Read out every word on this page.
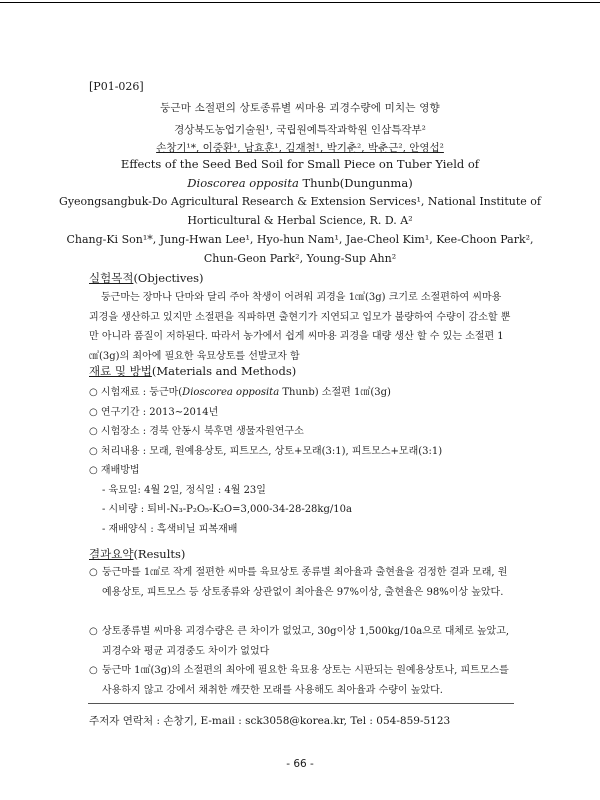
[P01-026]
둥근마 소절편의 상토종류별 씨마용 괴경수량에 미치는 영향
경상북도농업기술원¹, 국립원예특작과학원 인삼특작부²
손창기¹*, 이중환¹, 남효훈¹, 김재철¹, 박기춘², 박춘근², 안영섭²
Effects of the Seed Bed Soil for Small Piece on Tuber Yield of
Dioscorea opposita Thunb(Dungunma)
Gyeongsangbuk-Do Agricultural Research & Extension Services¹, National Institute of
Horticultural & Herbal Science, R. D. A²
Chang-Ki Son¹*, Jung-Hwan Lee¹, Hyo-hun Nam¹, Jae-Cheol Kim¹, Kee-Choon Park²,
Chun-Geon Park², Young-Sup Ahn²
실험목적(Objectives)

둥근마는 장마나 단마와 달리 주아 착생이 어려워 괴경을 1㎤(3g) 크기로 소절편하여 씨마용 괴경을 생산하고 있지만 소절편을 직파하면 출현기가 지연되고 입모가 불량하여 수량이 감소할 뿐만 아니라 품질이 저하된다. 따라서 농가에서 쉽게 씨마용 괴경을 대량 생산 할 수 있는 소절편 1㎤(3g)의 최아에 필요한 육묘상토를 선발코자 함

재료 및 방법(Materials and Methods)
○ 시험재료 : 둥근마(Dioscorea opposita Thunb) 소절편 1㎤(3g)
○ 연구기간 : 2013∼2014년
○ 시험장소 : 경북 안동시 북후면 생물자원연구소
○ 처리내용 : 모래, 원예용상토, 피트모스, 상토+모래(3:1), 피트모스+모래(3:1)
○ 재배방법
- 육묘일: 4월 2일, 정식일 : 4월 23일
- 시비량 : 퇴비-N₃-P₂O₅-K₂O=3,000-34-28-28kg/10a
- 재배양식 : 흑색비닐 피복재배
결과요약(Results)
○ 둥근마를 1㎤로 작게 절편한 씨마를 육묘상토 종류별 최아율과 출현율을 검정한 결과 모래, 원예용상토, 피트모스 등 상토종류와 상관없이 최아율은 97%이상, 출현율은 98%이상 높았다.
○ 상토종류별 씨마용 괴경수량은 큰 차이가 없었고, 30g이상 1,500kg/10a으로 대체로 높았고, 괴경수와 평균 괴경중도 차이가 없었다
○ 둥근마 1㎤(3g)의 소절편의 최아에 필요한 육묘용 상토는 시판되는 원예용상토나, 피트모스를 사용하지 않고 강에서 채취한 깨끗한 모래를 사용해도 최아율과 수량이 높았다.
주저자 연락처 : 손창기, E-mail : sck3058@korea.kr, Tel : 054-859-5123
- 66 -
